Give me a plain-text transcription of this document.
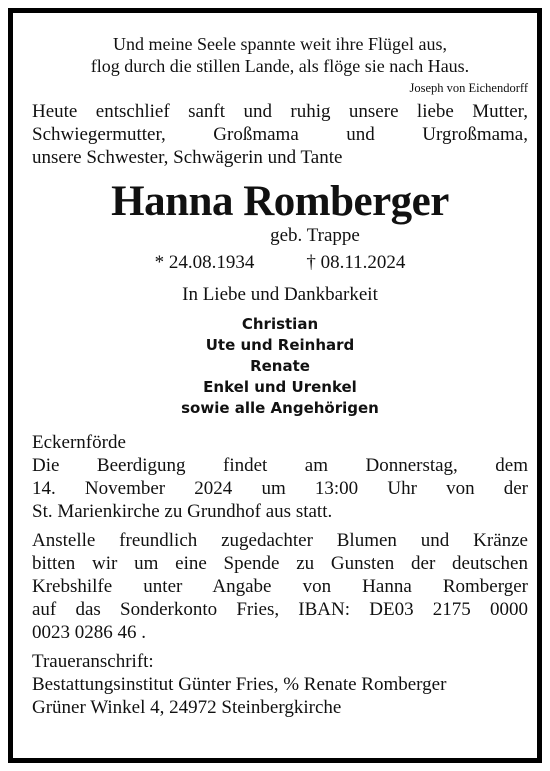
Und meine Seele spannte weit ihre Flügel aus,

flog durch die stillen Lande, als flöge sie nach Haus.

Joseph von Eichendorff

Heute entschlief sanft und ruhig unsere liebe Mutter,

Schwiegermutter, Großmama und Urgroßmama,

unsere Schwester, Schwägerin und Tante

Hanna Romberger

geb. Trappe

* 24.08.1934	† 08.11.2024

In Liebe und Dankbarkeit

Christian
Ute und Reinhard
Renate
Enkel und Urenkel
sowie alle Angehörigen

Eckernförde

Die Beerdigung findet am Donnerstag, dem

14. November 2024 um 13:00 Uhr von der

St. Marienkirche zu Grundhof aus statt.

Anstelle freundlich zugedachter Blumen und Kränze

bitten wir um eine Spende zu Gunsten der deutschen

Krebshilfe unter Angabe von Hanna Romberger

auf das Sonderkonto Fries, IBAN: DE03 2175 0000

0023 0286 46 .

Traueranschrift:

Bestattungsinstitut Günter Fries, % Renate Romberger

Grüner Winkel 4, 24972 Steinbergkirche
